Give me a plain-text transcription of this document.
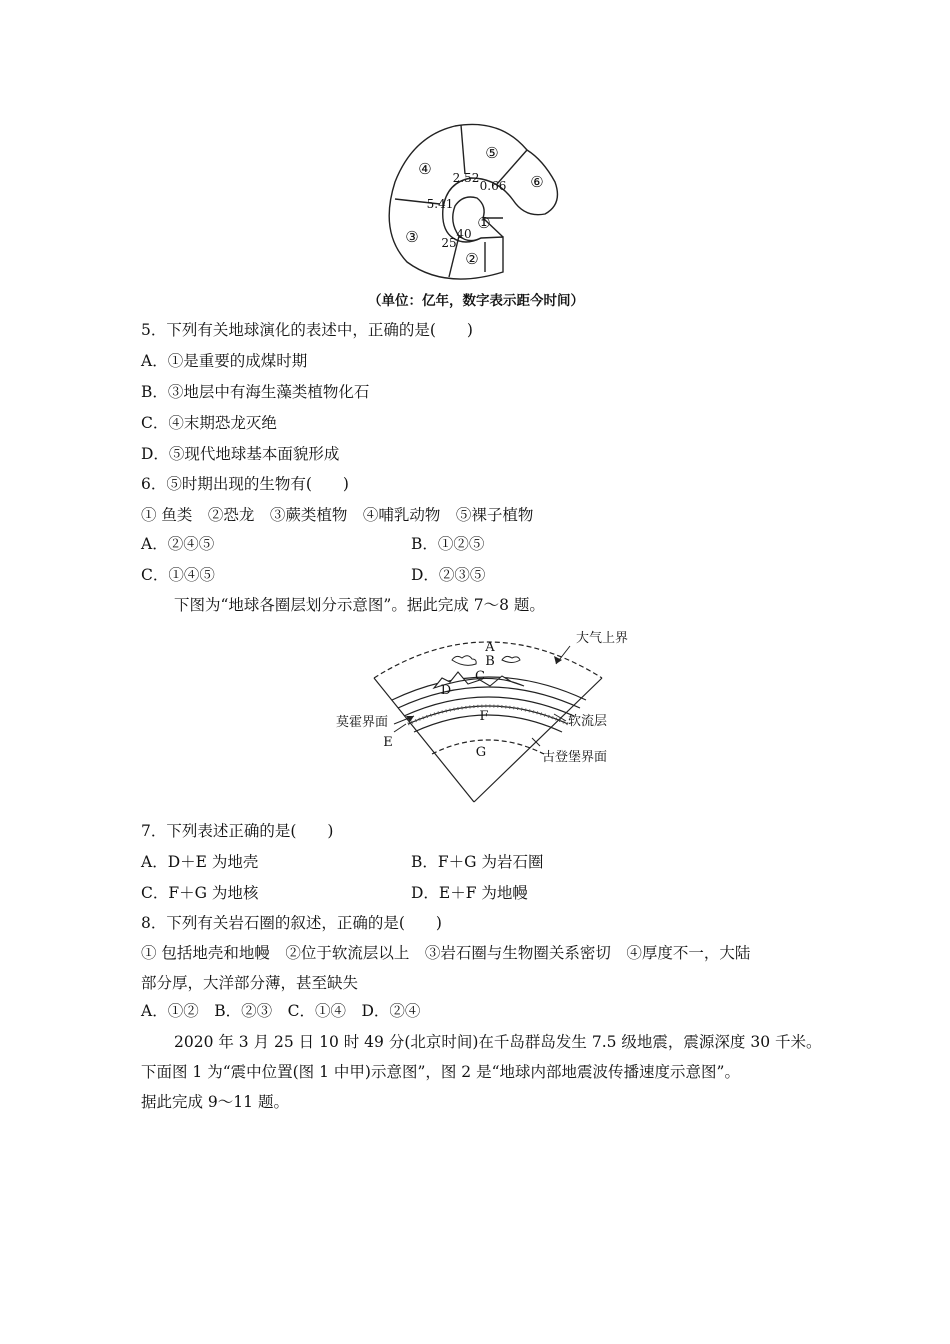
④
⑤
⑥
③
①
②
2.52
0.66
5.41
40
25
（单位：亿年，数字表示距今时间）
5．下列有关地球演化的表述中，正确的是(　　)
A．①是重要的成煤时期
B．③地层中有海生藻类植物化石
C．④末期恐龙灭绝
D．⑤现代地球基本面貌形成
6．⑤时期出现的生物有(　　)
① 鱼类　②恐龙　③蕨类植物　④哺乳动物　⑤裸子植物
A．②④⑤	B．①②⑤
C．①④⑤	D．②③⑤
下图为“地球各圈层划分示意图”。据此完成 7～8 题。
A
B
C
D
E
F
G
大气上界
莫霍界面	软流层
古登堡界面
7．下列表述正确的是(　　)
A．D＋E 为地壳	B．F＋G 为岩石圈
C．F＋G 为地核	D．E＋F 为地幔
8．下列有关岩石圈的叙述，正确的是(　　)
① 包括地壳和地幔　②位于软流层以上　③岩石圈与生物圈关系密切　④厚度不一，大陆
部分厚，大洋部分薄，甚至缺失
A．①②　B．②③　C．①④　D．②④
2020 年 3 月 25 日 10 时 49 分(北京时间)在千岛群岛发生 7.5 级地震，震源深度 30 千米。
下面图 1 为“震中位置(图 1 中甲)示意图”，图 2 是“地球内部地震波传播速度示意图”。
据此完成 9～11 题。
